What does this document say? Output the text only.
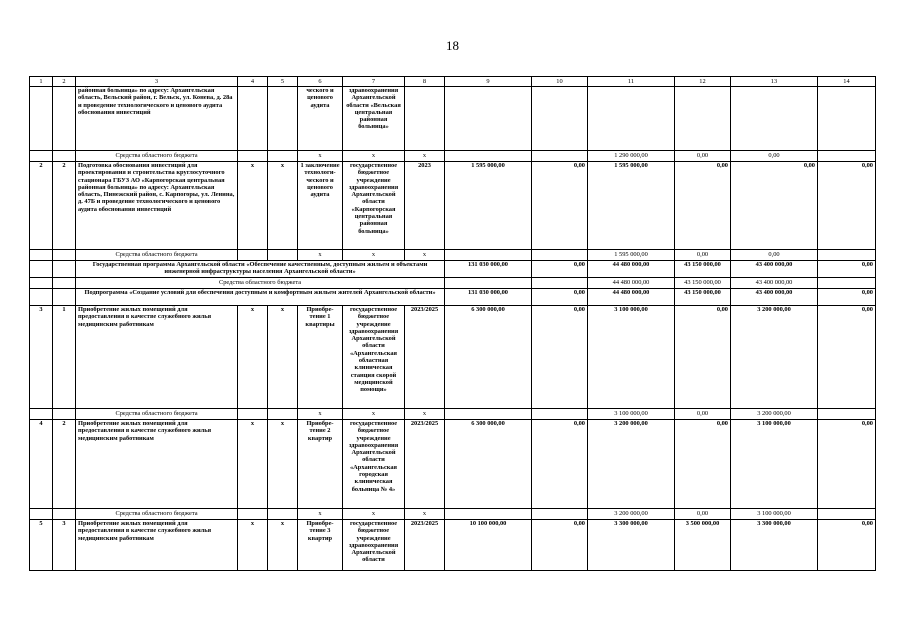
18
1	2	3	4	5	6	7	8	9	10	11	12	13	14
		районная больница» по адресу: Архангельская область, Вельский район, г. Вельск, ул. Конева, д. 28а и проведение технологического и ценового аудита обоснования инвестиций			ческого и ценового аудита	здравоохранения Архангельской области «Вельская центральная районная больница»							
		Средства областного бюджета			х	х	х			1 290 000,00	0,00	0,00	
2	2	Подготовка обоснования инвестиций для проектирования и строительства круглосуточного стационара ГБУЗ АО «Карпогорская центральная районная больница» по адресу: Архангельская область, Пинежский район, с. Карпогоры, ул. Ленина, д. 47Б и проведение технологического и ценового аудита обоснования инвестиций	х	х	1 заключение технологи-ческого и ценового аудита	государственное бюджетное учреждение здравоохранения Архангельской области «Карпогорская центральная районная больница»	2023	1 595 000,00	0,00	1 595 000,00	0,00	0,00	0,00
		Средства областного бюджета			х	х	х			1 595 000,00	0,00	0,00	
		Государственная программа Архангельской области «Обеспечение качественным, доступным жильем и объектами инженерной инфраструктуры населения Архангельской области»						131 030 000,00	0,00	44 480 000,00	43 150 000,00	43 400 000,00	0,00
		Средства областного бюджета								44 480 000,00	43 150 000,00	43 400 000,00	
		Подпрограмма «Создание условий для обеспечения доступным и комфортным жильем жителей Архангельской области»						131 030 000,00	0,00	44 480 000,00	43 150 000,00	43 400 000,00	0,00
3	1	Приобретение жилых помещений для предоставления в качестве служебного жилья медицинским работникам	х	х	Приобре-тение 1 квартиры	государственное бюджетное учреждение здравоохранения Архангельской области «Архангельская областная клиническая станция скорой медицинской помощи»	2023/2025	6 300 000,00	0,00	3 100 000,00	0,00	3 200 000,00	0,00
		Средства областного бюджета			х	х	х			3 100 000,00	0,00	3 200 000,00	
4	2	Приобретение жилых помещений для предоставления в качестве служебного жилья медицинским работникам	х	х	Приобре-тение 2 квартир	государственное бюджетное учреждение здравоохранения Архангельской области «Архангельская городская клиническая больница № 4»	2023/2025	6 300 000,00	0,00	3 200 000,00	0,00	3 100 000,00	0,00
		Средства областного бюджета			х	х	х			3 200 000,00	0,00	3 100 000,00	
5	3	Приобретение жилых помещений для предоставления в качестве служебного жилья медицинским работникам	х	х	Приобре-тение 3 квартир	государственное бюджетное учреждение здравоохранения Архангельской области	2023/2025	10 100 000,00	0,00	3 300 000,00	3 500 000,00	3 300 000,00	0,00
